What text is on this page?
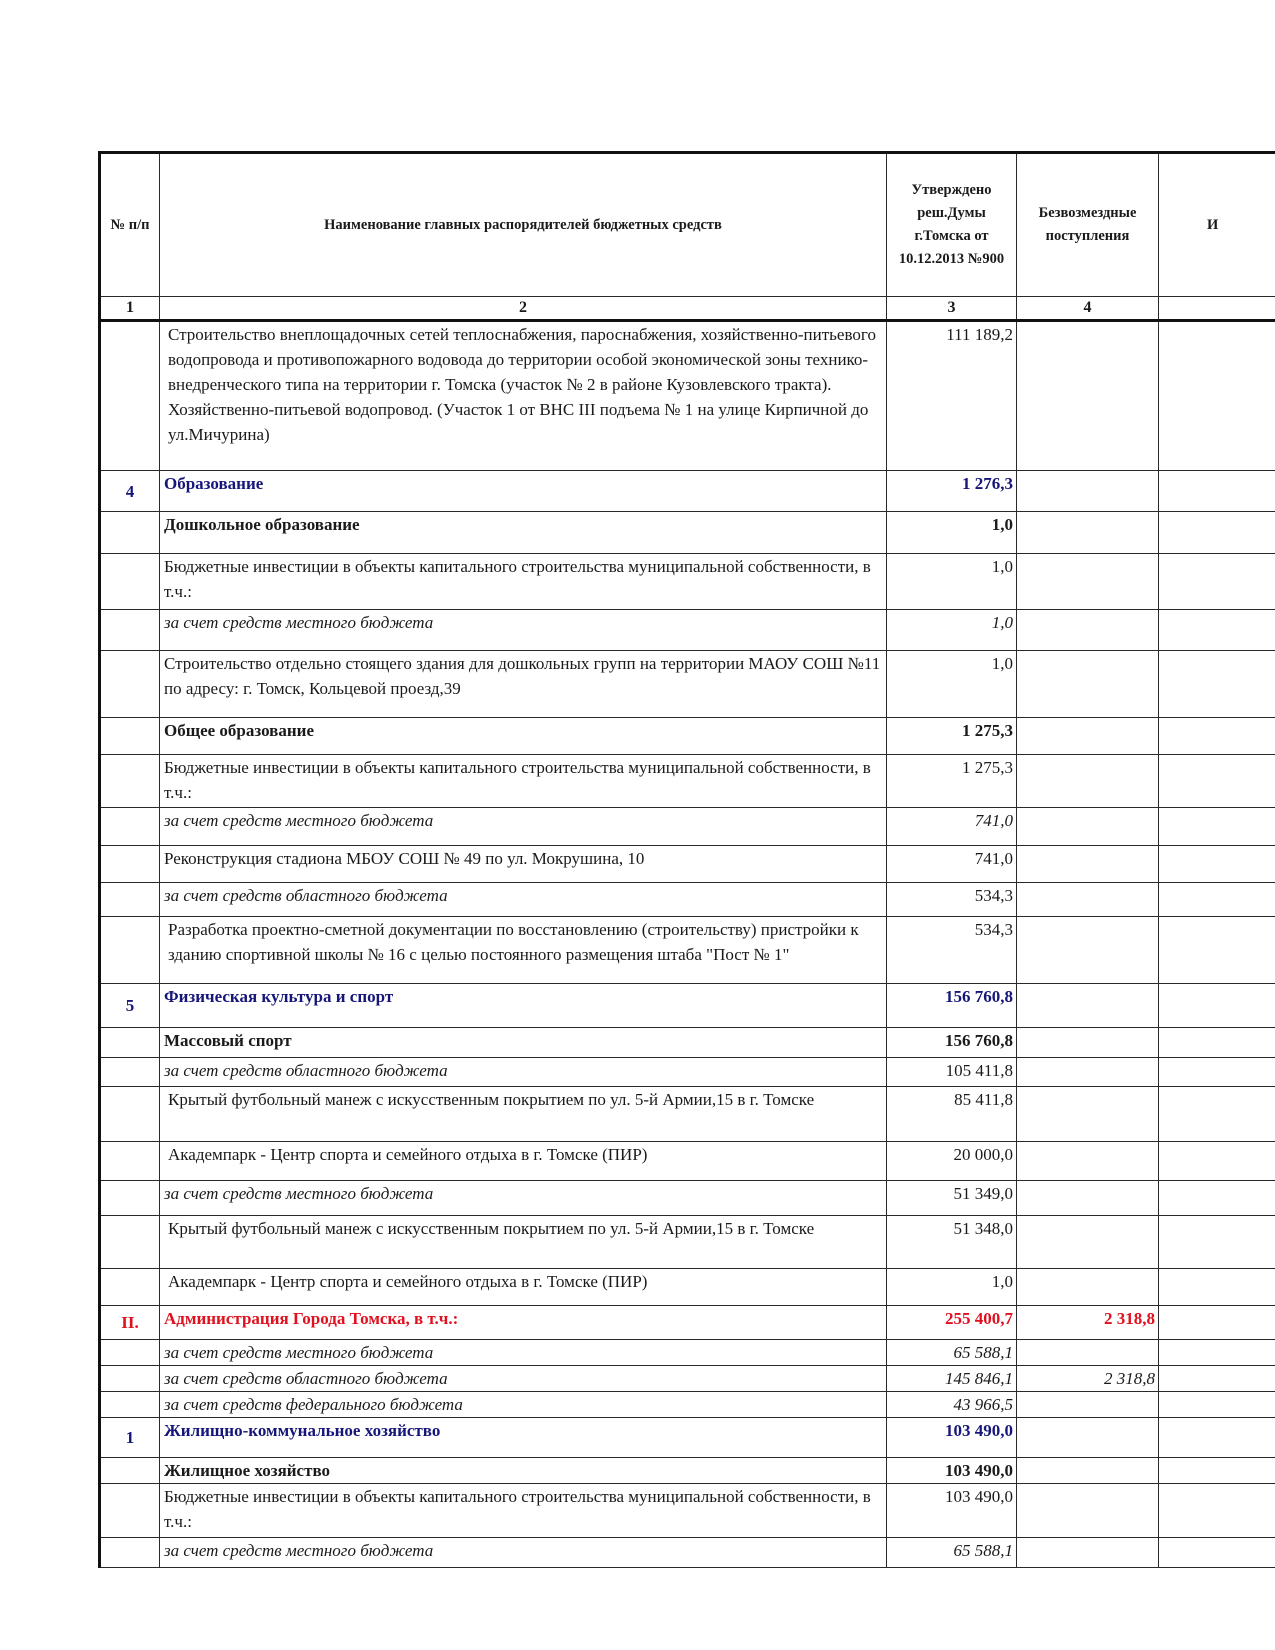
№ п/п	Наименование главных распорядителей бюджетных средств	Утверждено реш.Думы г.Томска от 10.12.2013 №900	Безвозмездные поступления	И
1	2	3	4	
	Строительство внеплощадочных сетей теплоснабжения, пароснабжения, хозяйственно-питьевого водопровода и противопожарного водовода до территории особой экономической зоны технико-внедренческого типа на территории г. Томска (участок № 2 в районе Кузовлевского тракта). Хозяйственно-питьевой водопровод. (Участок 1 от ВНС III подъема № 1 на улице Кирпичной до ул.Мичурина)	111 189,2		
4	Образование	1 276,3		
	Дошкольное образование	1,0		
	Бюджетные инвестиции в объекты капитального строительства муниципальной собственности, в т.ч.:	1,0		
	за счет средств местного бюджета	1,0		
	Строительство отдельно стоящего здания для дошкольных групп на территории МАОУ СОШ №11 по адресу: г. Томск, Кольцевой проезд,39	1,0		
	Общее образование	1 275,3		
	Бюджетные инвестиции в объекты капитального строительства муниципальной собственности, в т.ч.:	1 275,3		
	за счет средств местного бюджета	741,0		
	Реконструкция стадиона МБОУ СОШ № 49 по ул. Мокрушина, 10	741,0		
	за счет средств областного бюджета	534,3		
	Разработка проектно-сметной документации по восстановлению (строительству) пристройки к зданию спортивной школы № 16 с целью постоянного размещения штаба "Пост № 1"	534,3		
5	Физическая культура и спорт	156 760,8		
	Массовый спорт	156 760,8		
	за счет средств областного бюджета	105 411,8		
	Крытый футбольный манеж с искусственным покрытием по ул. 5-й Армии,15 в г. Томске	85 411,8		
	Академпарк - Центр спорта и семейного отдыха в г. Томске (ПИР)	20 000,0		
	за счет средств местного бюджета	51 349,0		
	Крытый футбольный манеж с искусственным покрытием по ул. 5-й Армии,15 в г. Томске	51 348,0		
	Академпарк - Центр спорта и семейного отдыха в г. Томске (ПИР)	1,0		
II.	Администрация Города Томска, в т.ч.:	255 400,7	2 318,8	
	за счет средств местного бюджета	65 588,1		
	за счет средств областного бюджета	145 846,1	2 318,8	
	за счет средств федерального бюджета	43 966,5		
1	Жилищно-коммунальное хозяйство	103 490,0		
	Жилищное хозяйство	103 490,0		
	Бюджетные инвестиции в объекты капитального строительства муниципальной собственности, в т.ч.:	103 490,0		
	за счет средств местного бюджета	65 588,1		
